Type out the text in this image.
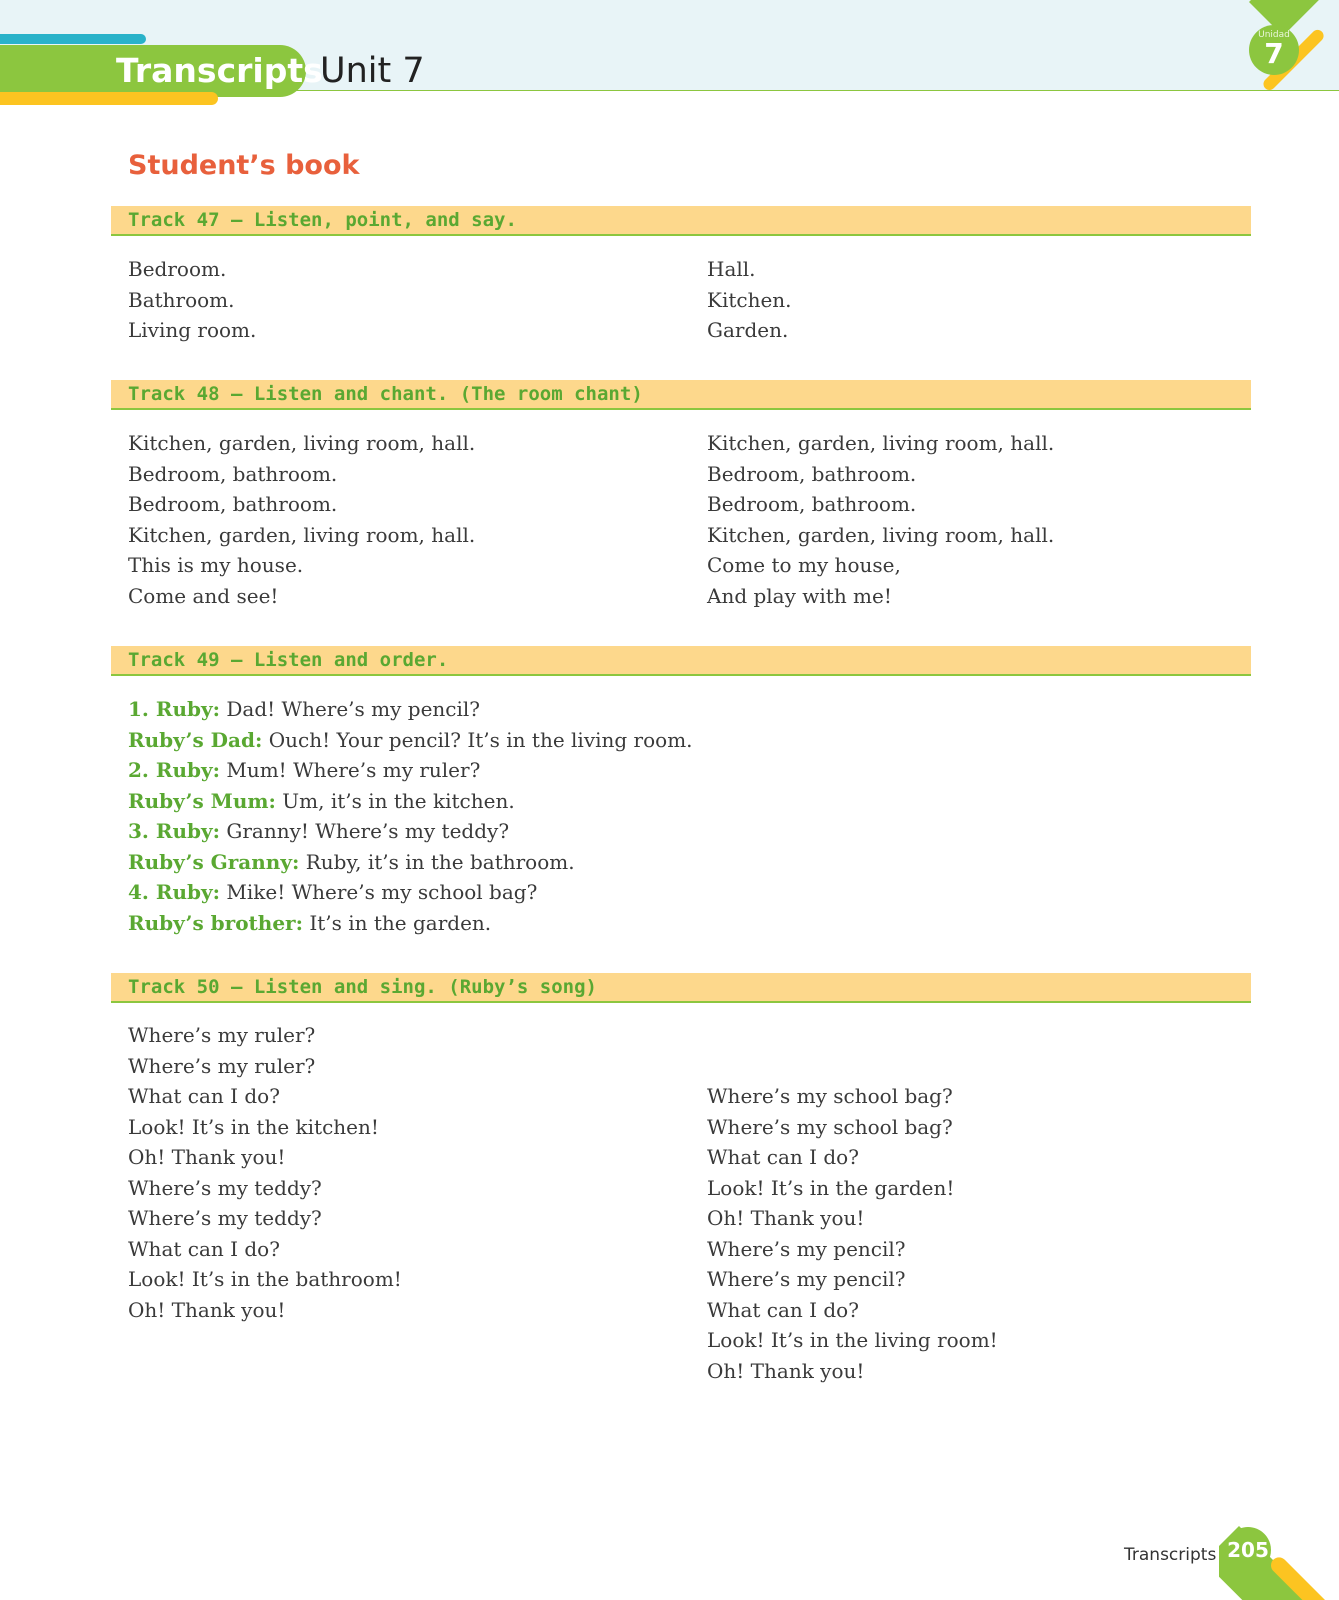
Transcripts
Unit 7
Unidad
7
Student’s book
Track 47 – Listen, point, and say.
Bedroom.
Bathroom.
Living room.
Hall.
Kitchen.
Garden.
Track 48 – Listen and chant. (The room chant)
Kitchen, garden, living room, hall.
Bedroom, bathroom.
Bedroom, bathroom.
Kitchen, garden, living room, hall.
This is my house.
Come and see!
Kitchen, garden, living room, hall.
Bedroom, bathroom.
Bedroom, bathroom.
Kitchen, garden, living room, hall.
Come to my house,
And play with me!
Track 49 – Listen and order.
1. Ruby: Dad! Where’s my pencil?
Ruby’s Dad: Ouch! Your pencil? It’s in the living room.
2. Ruby: Mum! Where’s my ruler?
Ruby’s Mum: Um, it’s in the kitchen.
3. Ruby: Granny! Where’s my teddy?
Ruby’s Granny: Ruby, it’s in the bathroom.
4. Ruby: Mike! Where’s my school bag?
Ruby’s brother: It’s in the garden.
Track 50 – Listen and sing. (Ruby’s song)
Where’s my ruler?
Where’s my ruler?
What can I do?
Look! It’s in the kitchen!
Oh! Thank you!
Where’s my teddy?
Where’s my teddy?
What can I do?
Look! It’s in the bathroom!
Oh! Thank you!
Where’s my school bag?
Where’s my school bag?
What can I do?
Look! It’s in the garden!
Oh! Thank you!
Where’s my pencil?
Where’s my pencil?
What can I do?
Look! It’s in the living room!
Oh! Thank you!
Transcripts 205
